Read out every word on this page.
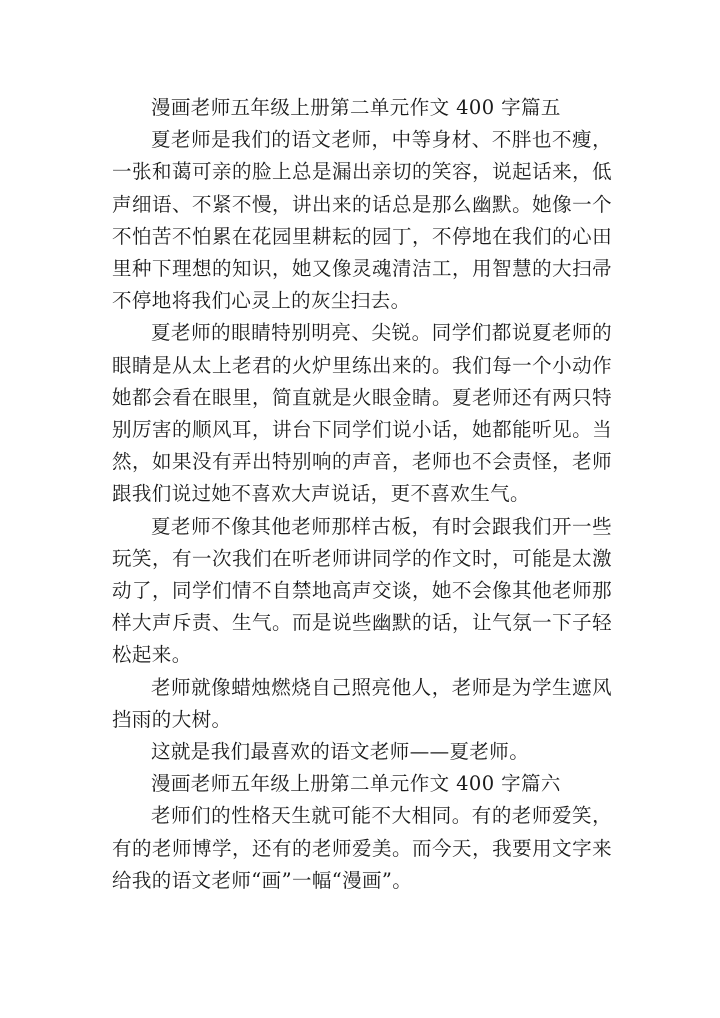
漫画老师五年级上册第二单元作文 400 字篇五

夏老师是我们的语文老师，中等身材、不胖也不瘦，一张和蔼可亲的脸上总是漏出亲切的笑容，说起话来，低声细语、不紧不慢，讲出来的话总是那么幽默。她像一个不怕苦不怕累在花园里耕耘的园丁，不停地在我们的心田里种下理想的知识，她又像灵魂清洁工，用智慧的大扫帚不停地将我们心灵上的灰尘扫去。

夏老师的眼睛特别明亮、尖锐。同学们都说夏老师的眼睛是从太上老君的火炉里练出来的。我们每一个小动作她都会看在眼里，简直就是火眼金睛。夏老师还有两只特别厉害的顺风耳，讲台下同学们说小话，她都能听见。当然，如果没有弄出特别响的声音，老师也不会责怪，老师跟我们说过她不喜欢大声说话，更不喜欢生气。

夏老师不像其他老师那样古板，有时会跟我们开一些玩笑，有一次我们在听老师讲同学的作文时，可能是太激动了，同学们情不自禁地高声交谈，她不会像其他老师那样大声斥责、生气。而是说些幽默的话，让气氛一下子轻松起来。

老师就像蜡烛燃烧自己照亮他人，老师是为学生遮风挡雨的大树。

这就是我们最喜欢的语文老师——夏老师。

漫画老师五年级上册第二单元作文 400 字篇六

老师们的性格天生就可能不大相同。有的老师爱笑，有的老师博学，还有的老师爱美。而今天，我要用文字来给我的语文老师“画”一幅“漫画”。
